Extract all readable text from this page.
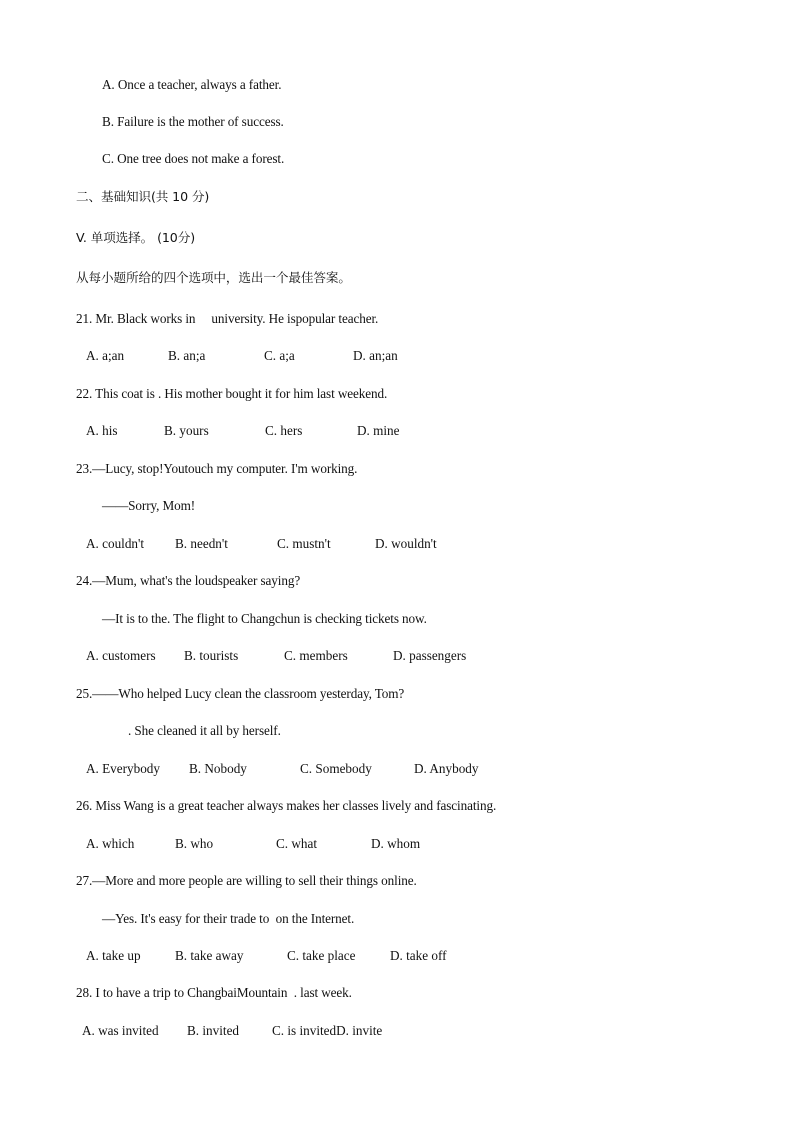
A. Once a teacher, always a father.
B. Failure is the mother of success.
C. One tree does not make a forest.
二、基础知识(共 10 分)
V. 单项选择。 (10分)
从每小题所给的四个选项中，选出一个最佳答案。
21. Mr. Black works in     university. He ispopular teacher.
A. a;an	B. an;a	C. a;a	D. an;an
22. This coat is . His mother bought it for him last weekend.
A. his	B. yours	C. hers	D. mine
23.—Lucy, stop!Youtouch my computer. I'm working.
——Sorry, Mom!
A. couldn't B. needn't	C. mustn't	D. wouldn't
24.—Mum, what's the loudspeaker saying?
—It is to the. The flight to Changchun is checking tickets now.
A. customers B. tourists	C. members	D. passengers
25.——Who helped Lucy clean the classroom yesterday, Tom?
. She cleaned it all by herself.
A. Everybody B. Nobody	C. Somebody	D. Anybody
26. Miss Wang is a great teacher always makes her classes lively and fascinating.
A. which	B. who	C. what	D. whom
27.—More and more people are willing to sell their things online.
—Yes. It's easy for their trade to  on the Internet.
A. take up	B. take away	C. take place	D. take off
28. I to have a trip to ChangbaiMountain  . last week.
A. was invited B. invited C. is invitedD. invite
